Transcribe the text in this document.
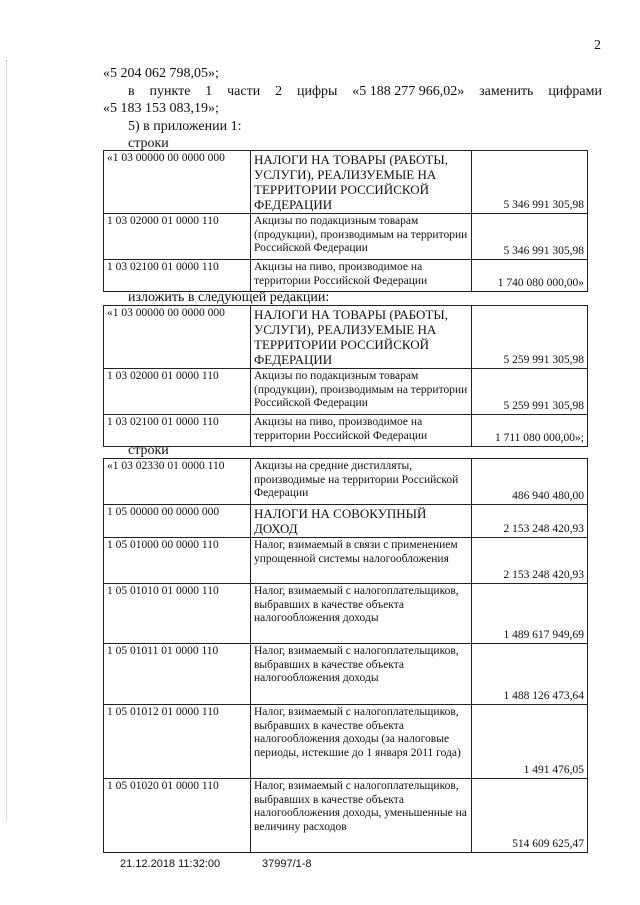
2
«5 204 062 798,05»;
в пункте 1 части 2 цифры «5 188 277 966,02» заменить цифрами
«5 183 153 083,19»;
5) в приложении 1:
строки
«1 03 00000 00 0000 000	НАЛОГИ НА ТОВАРЫ (РАБОТЫ, УСЛУГИ), РЕАЛИЗУЕМЫЕ НА ТЕРРИТОРИИ РОССИЙСКОЙ ФЕДЕРАЦИИ	5 346 991 305,98
1 03 02000 01 0000 110	Акцизы по подакцизным товарам (продукции), производимым на территории Российской Федерации	5 346 991 305,98
1 03 02100 01 0000 110	Акцизы на пиво, производимое на территории Российской Федерации	1 740 080 000,00»
изложить в следующей редакции:
«1 03 00000 00 0000 000	НАЛОГИ НА ТОВАРЫ (РАБОТЫ, УСЛУГИ), РЕАЛИЗУЕМЫЕ НА ТЕРРИТОРИИ РОССИЙСКОЙ ФЕДЕРАЦИИ	5 259 991 305,98
1 03 02000 01 0000 110	Акцизы по подакцизным товарам (продукции), производимым на территории Российской Федерации	5 259 991 305,98
1 03 02100 01 0000 110	Акцизы на пиво, производимое на территории Российской Федерации	1 711 080 000,00»;
строки
«1 03 02330 01 0000 110	Акцизы на средние дистилляты, производимые на территории Российской Федерации	486 940 480,00
1 05 00000 00 0000 000	НАЛОГИ НА СОВОКУПНЫЙ ДОХОД	2 153 248 420,93
1 05 01000 00 0000 110	Налог, взимаемый в связи с применением упрощенной системы налогообложения	2 153 248 420,93
1 05 01010 01 0000 110	Налог, взимаемый с налогоплательщиков, выбравших в качестве объекта налогообложения доходы	1 489 617 949,69
1 05 01011 01 0000 110	Налог, взимаемый с налогоплательщиков, выбравших в качестве объекта налогообложения доходы	1 488 126 473,64
1 05 01012 01 0000 110	Налог, взимаемый с налогоплательщиков, выбравших в качестве объекта налогообложения доходы (за налоговые периоды, истекшие до 1 января 2011 года)	1 491 476,05
1 05 01020 01 0000 110	Налог, взимаемый с налогоплательщиков, выбравших в качестве объекта налогообложения доходы, уменьшенные на величину расходов	514 609 625,47
21.12.2018 11:32:00	37997/1-8
